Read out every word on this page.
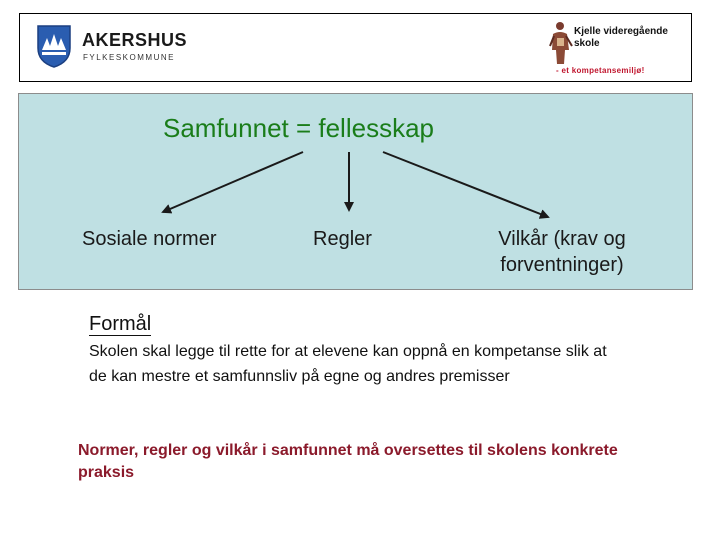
AKERSHUS
FYLKESKOMMUNE
Kjelle videregående skole
- et kompetansemiljø!
Samfunnet = fellesskap
Sosiale normer	Regler	Vilkår (krav og forventninger)
Formål
Skolen skal legge til rette for at elevene kan oppnå en kompetanse slik at de kan mestre et samfunnsliv på egne og andres premisser
Normer, regler og vilkår i samfunnet må oversettes til skolens konkrete praksis
